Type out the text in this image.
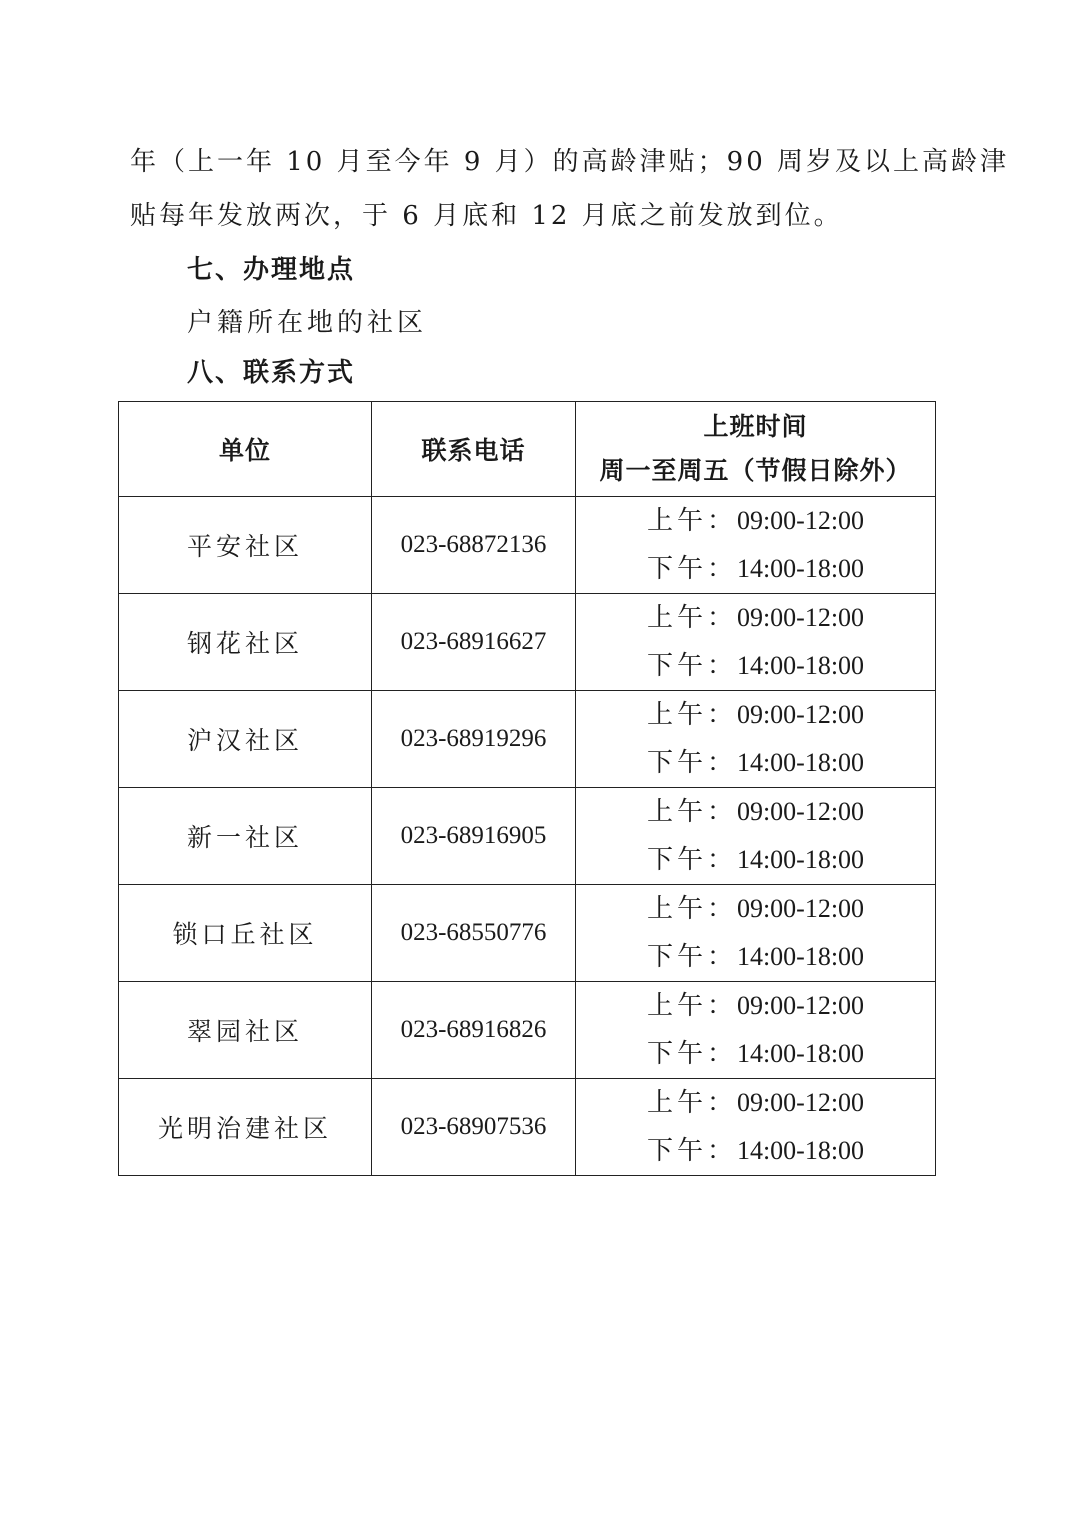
年（上一年 10 月至今年 9 月）的高龄津贴；90 周岁及以上高龄津
贴每年发放两次，于 6 月底和 12 月底之前发放到位。
七、办理地点
户籍所在地的社区
八、联系方式
单位	联系电话	上班时间
周一至周五（节假日除外）

平安社区	023-68872136	上午：09:00-12:00
下午：14:00-18:00

钢花社区	023-68916627	上午：09:00-12:00
下午：14:00-18:00

沪汉社区	023-68919296	上午：09:00-12:00
下午：14:00-18:00

新一社区	023-68916905	上午：09:00-12:00
下午：14:00-18:00

锁口丘社区	023-68550776	上午：09:00-12:00
下午：14:00-18:00

翠园社区	023-68916826	上午：09:00-12:00
下午：14:00-18:00

光明治建社区	023-68907536	上午：09:00-12:00
下午：14:00-18:00
